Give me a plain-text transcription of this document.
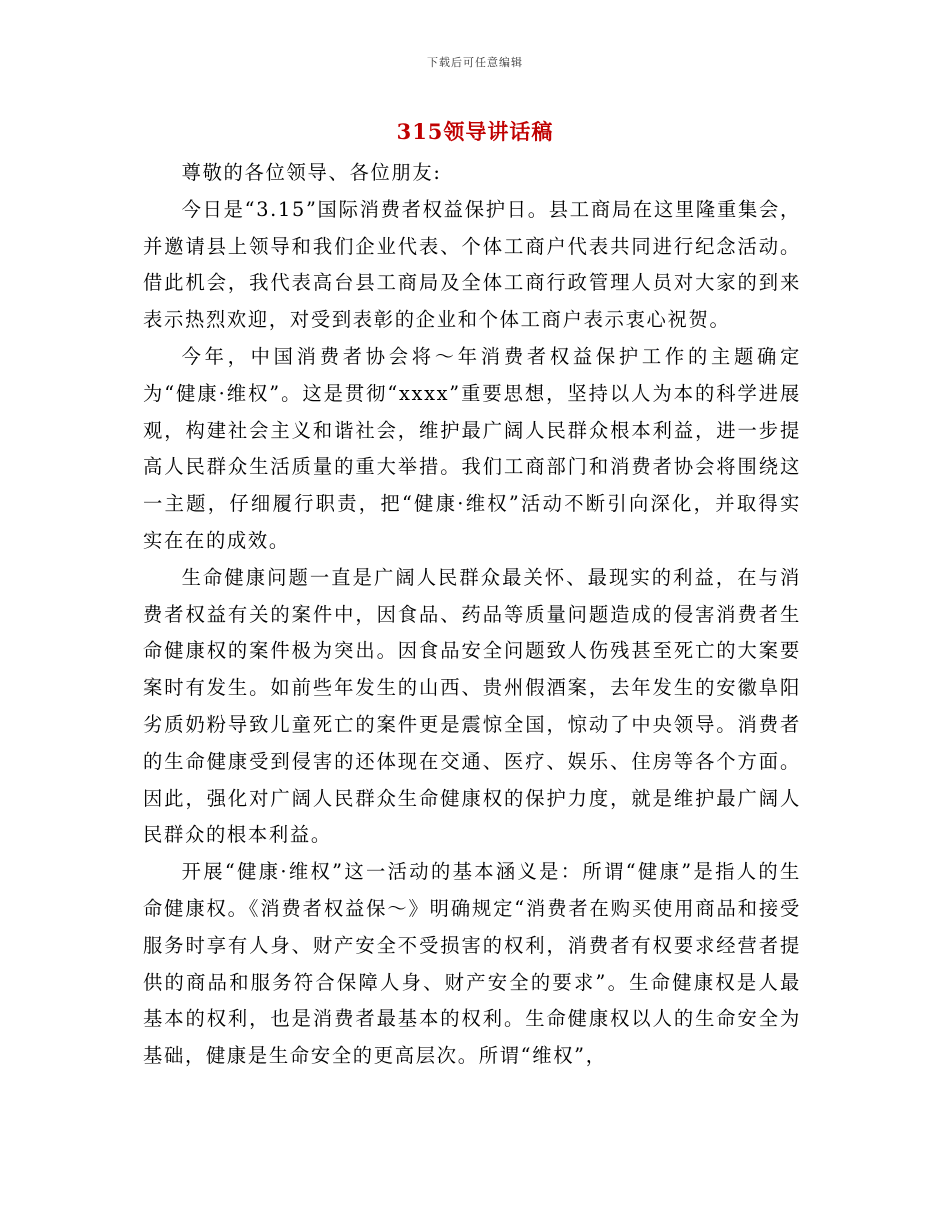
下载后可任意编辑
315领导讲话稿

尊敬的各位领导、各位朋友:

今日是“3.15”国际消费者权益保护日。县工商局在这里隆重集会，并邀请县上领导和我们企业代表、个体工商户代表共同进行纪念活动。借此机会，我代表高台县工商局及全体工商行政管理人员对大家的到来表示热烈欢迎，对受到表彰的企业和个体工商户表示衷心祝贺。

今年，中国消费者协会将～年消费者权益保护工作的主题确定为“健康·维权”。这是贯彻“xxxx”重要思想，坚持以人为本的科学进展观，构建社会主义和谐社会，维护最广阔人民群众根本利益，进一步提高人民群众生活质量的重大举措。我们工商部门和消费者协会将围绕这一主题，仔细履行职责，把“健康·维权”活动不断引向深化，并取得实实在在的成效。

生命健康问题一直是广阔人民群众最关怀、最现实的利益，在与消费者权益有关的案件中，因食品、药品等质量问题造成的侵害消费者生命健康权的案件极为突出。因食品安全问题致人伤残甚至死亡的大案要案时有发生。如前些年发生的山西、贵州假酒案，去年发生的安徽阜阳劣质奶粉导致儿童死亡的案件更是震惊全国，惊动了中央领导。消费者的生命健康受到侵害的还体现在交通、医疗、娱乐、住房等各个方面。因此，强化对广阔人民群众生命健康权的保护力度，就是维护最广阔人民群众的根本利益。

开展“健康·维权”这一活动的基本涵义是：所谓“健康”是指人的生命健康权。《消费者权益保～》明确规定“消费者在购买使用商品和接受服务时享有人身、财产安全不受损害的权利，消费者有权要求经营者提供的商品和服务符合保障人身、财产安全的要求”。生命健康权是人最基本的权利，也是消费者最基本的权利。生命健康权以人的生命安全为基础，健康是生命安全的更高层次。所谓“维权”，
